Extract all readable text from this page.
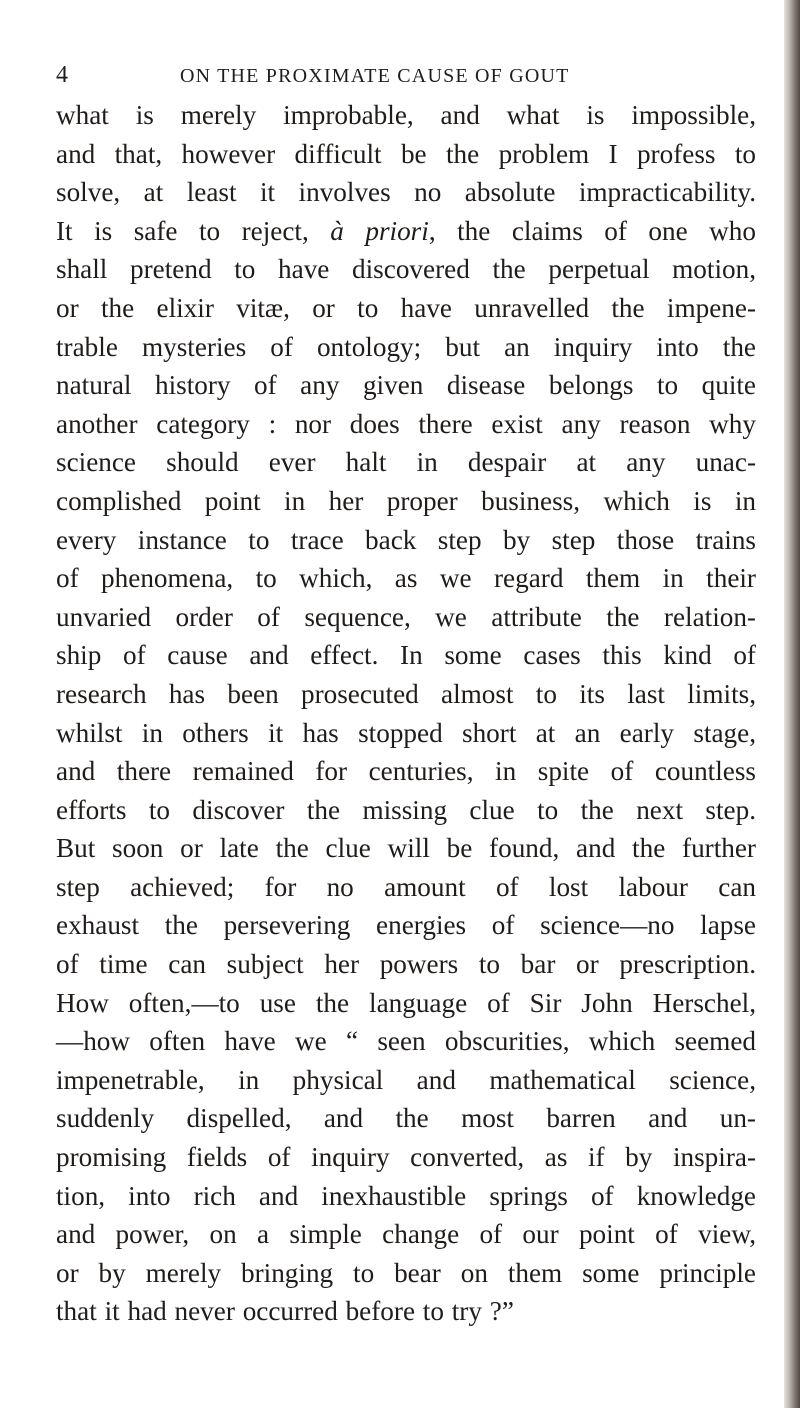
4	ON THE PROXIMATE CAUSE OF GOUT
what is merely improbable, and what is impossible,
and that, however difficult be the problem I profess to
solve, at least it involves no absolute impracticability.
It is safe to reject, à priori, the claims of one who
shall pretend to have discovered the perpetual motion,
or the elixir vitæ, or to have unravelled the impene-
trable mysteries of ontology; but an inquiry into the
natural history of any given disease belongs to quite
another category : nor does there exist any reason why
science should ever halt in despair at any unac-
complished point in her proper business, which is in
every instance to trace back step by step those trains
of phenomena, to which, as we regard them in their
unvaried order of sequence, we attribute the relation-
ship of cause and effect. In some cases this kind of
research has been prosecuted almost to its last limits,
whilst in others it has stopped short at an early stage,
and there remained for centuries, in spite of countless
efforts to discover the missing clue to the next step.
But soon or late the clue will be found, and the further
step achieved; for no amount of lost labour can
exhaust the persevering energies of science—no lapse
of time can subject her powers to bar or prescription.
How often,—to use the language of Sir John Herschel,
—how often have we “ seen obscurities, which seemed
impenetrable, in physical and mathematical science,
suddenly dispelled, and the most barren and un-
promising fields of inquiry converted, as if by inspira-
tion, into rich and inexhaustible springs of knowledge
and power, on a simple change of our point of view,
or by merely bringing to bear on them some principle
that it had never occurred before to try ?”
